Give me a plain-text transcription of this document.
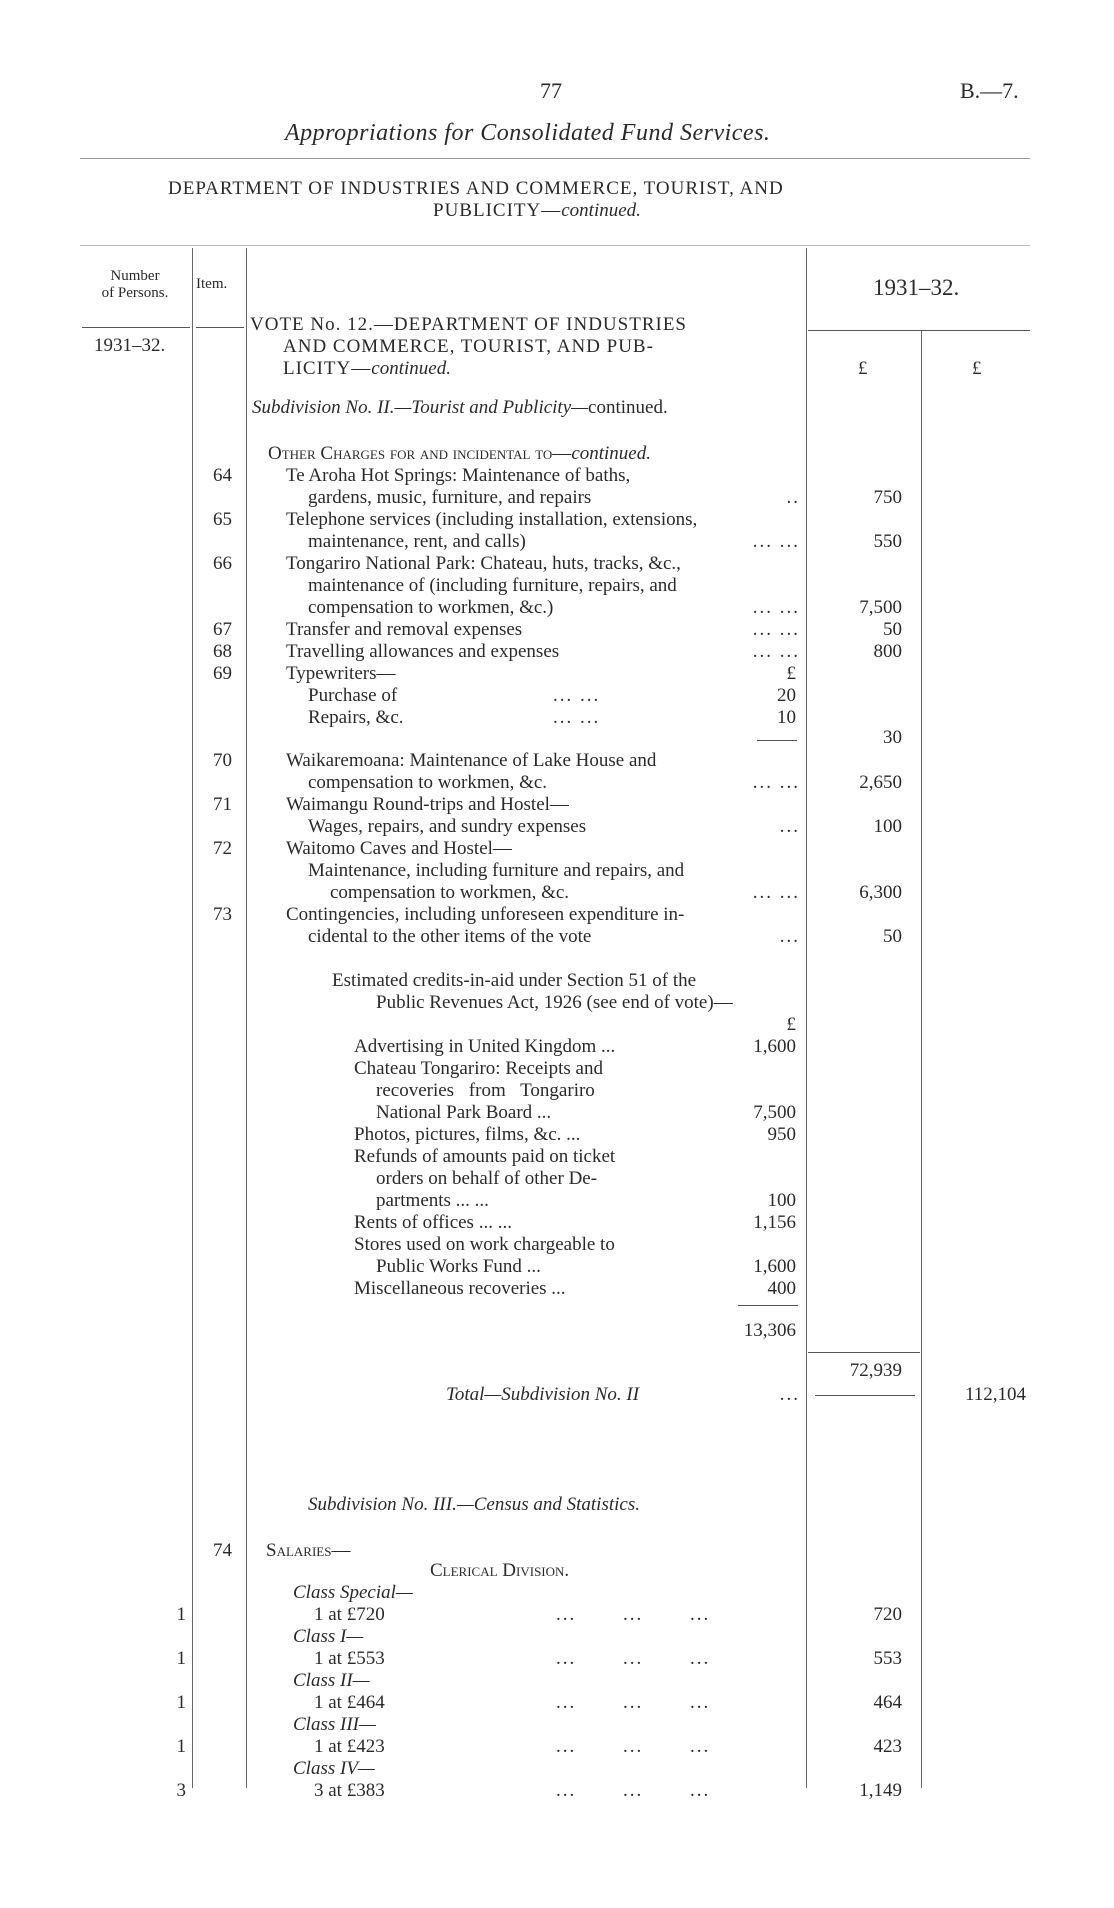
77	B.—7.
Appropriations for Consolidated Fund Services.
DEPARTMENT OF INDUSTRIES AND COMMERCE, TOURIST, AND
PUBLICITY—continued.
Number
of Persons.
Item.	1931–32.
1931–32.
£	£
VOTE No. 12.—DEPARTMENT OF INDUSTRIES
AND COMMERCE, TOURIST, AND PUB-
LICITY—continued.
Subdivision No. II.—Tourist and Publicity—continued.
Other Charges for and incidental to—continued.
64	Te Aroha Hot Springs: Maintenance of baths,
gardens, music, furniture, and repairs	..	750
65	Telephone services (including installation, extensions,
maintenance, rent, and calls)	... ...	550
66	Tongariro National Park: Chateau, huts, tracks, &c.,
maintenance of (including furniture, repairs, and
compensation to workmen, &c.)	... ...	7,500
67	Transfer and removal expenses	... ...	50
68	Travelling allowances and expenses	... ...	800
69	Typewriters—	£
Purchase of	... ...	20
Repairs, &c.	... ...	10
30
70	Waikaremoana: Maintenance of Lake House and
compensation to workmen, &c.	... ...	2,650
71	Waimangu Round-trips and Hostel—
Wages, repairs, and sundry expenses	...	100
72	Waitomo Caves and Hostel—
Maintenance, including furniture and repairs, and
compensation to workmen, &c.	... ...	6,300
73	Contingencies, including unforeseen expenditure in-
cidental to the other items of the vote	...	50
Estimated credits-in-aid under Section 51 of the
Public Revenues Act, 1926 (see end of vote)—
£
Advertising in United Kingdom ...	1,600
Chateau Tongariro: Receipts and
recoveries from Tongariro
National Park Board ...	7,500
Photos, pictures, films, &c. ...	950
Refunds of amounts paid on ticket
orders on behalf of other De-
partments ... ...	100
Rents of offices ... ...	1,156
Stores used on work chargeable to
Public Works Fund ...	1,600
Miscellaneous recoveries ...	400
13,306
72,939
Total—Subdivision No. II	...	112,104
Subdivision No. III.—Census and Statistics.
74 Salaries—
Clerical Division.
Class Special—
1	1 at £720	... ... ...	720
Class I—
1	1 at £553	... ... ...	553
Class II—
1	1 at £464	... ... ...	464
Class III—
1	1 at £423	... ... ...	423
Class IV—
3	3 at £383	... ... ...	1,149
